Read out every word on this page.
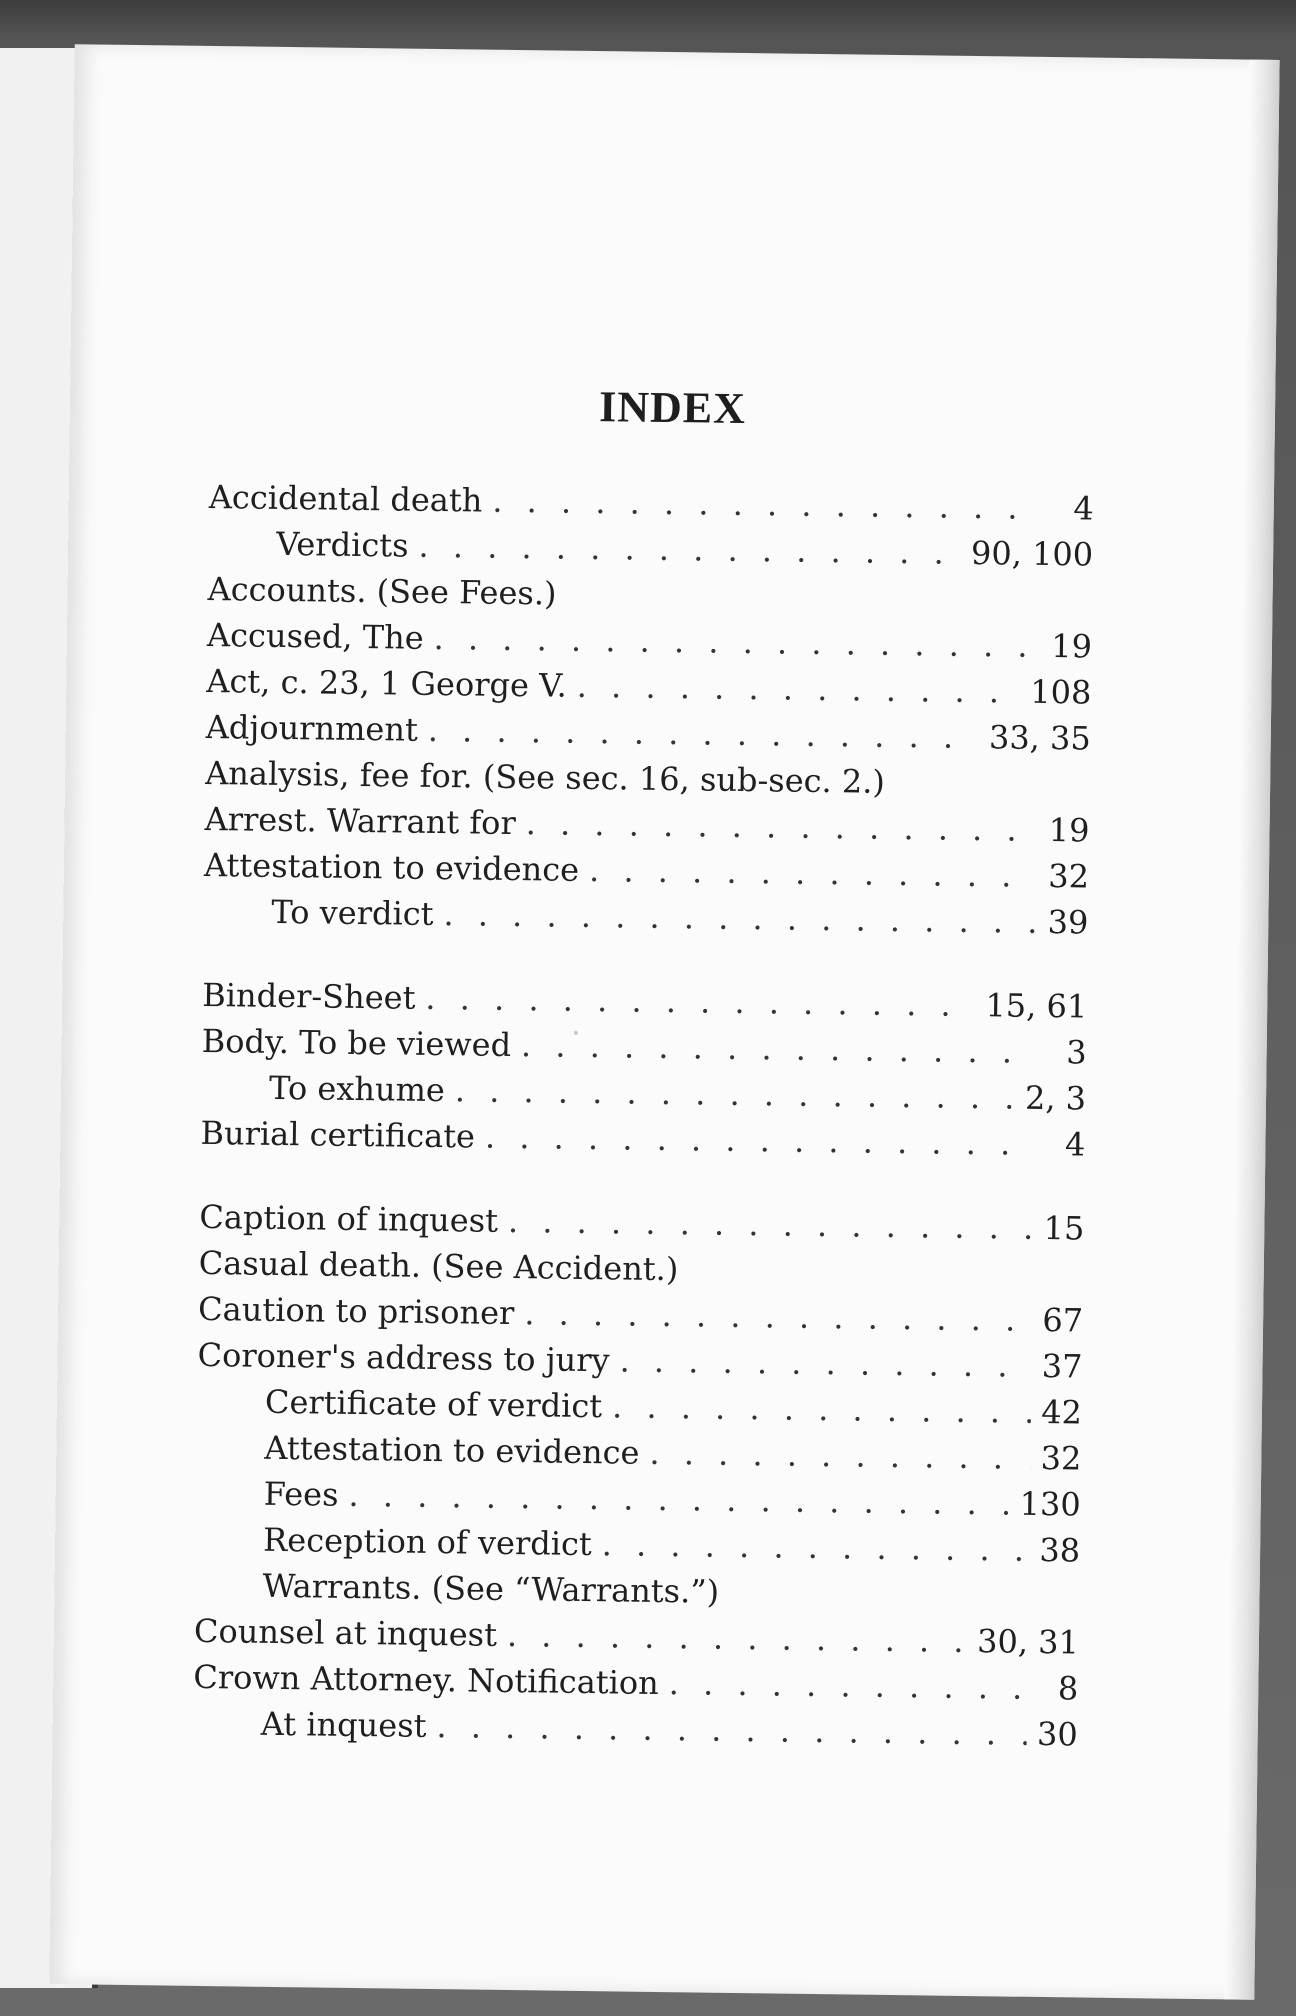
INDEX
Accidental death . . .	4
Verdicts . . .	90, 100
Accounts. (See Fees.)
Accused, The . . .	19
Act, c. 23, 1 George V. . . .	108
Adjournment . . .	33, 35
Analysis, fee for. (See sec. 16, sub-sec. 2.)
Arrest. Warrant for . . .	19
Attestation to evidence . . .	32
To verdict . . .	39
Binder-Sheet . . .	15, 61
Body. To be viewed . . .	3
To exhume . . .	2, 3
Burial certificate . . .	4
Caption of inquest . . .	15
Casual death. (See Accident.)
Caution to prisoner . . .	67
Coroner's address to jury . . .	37
Certificate of verdict . . .	42
Attestation to evidence . . .	32
Fees . . .	130
Reception of verdict . . .	38
Warrants. (See “Warrants.”)
Counsel at inquest . . .	30, 31
Crown Attorney. Notification . . .	8
At inquest . . .	30
